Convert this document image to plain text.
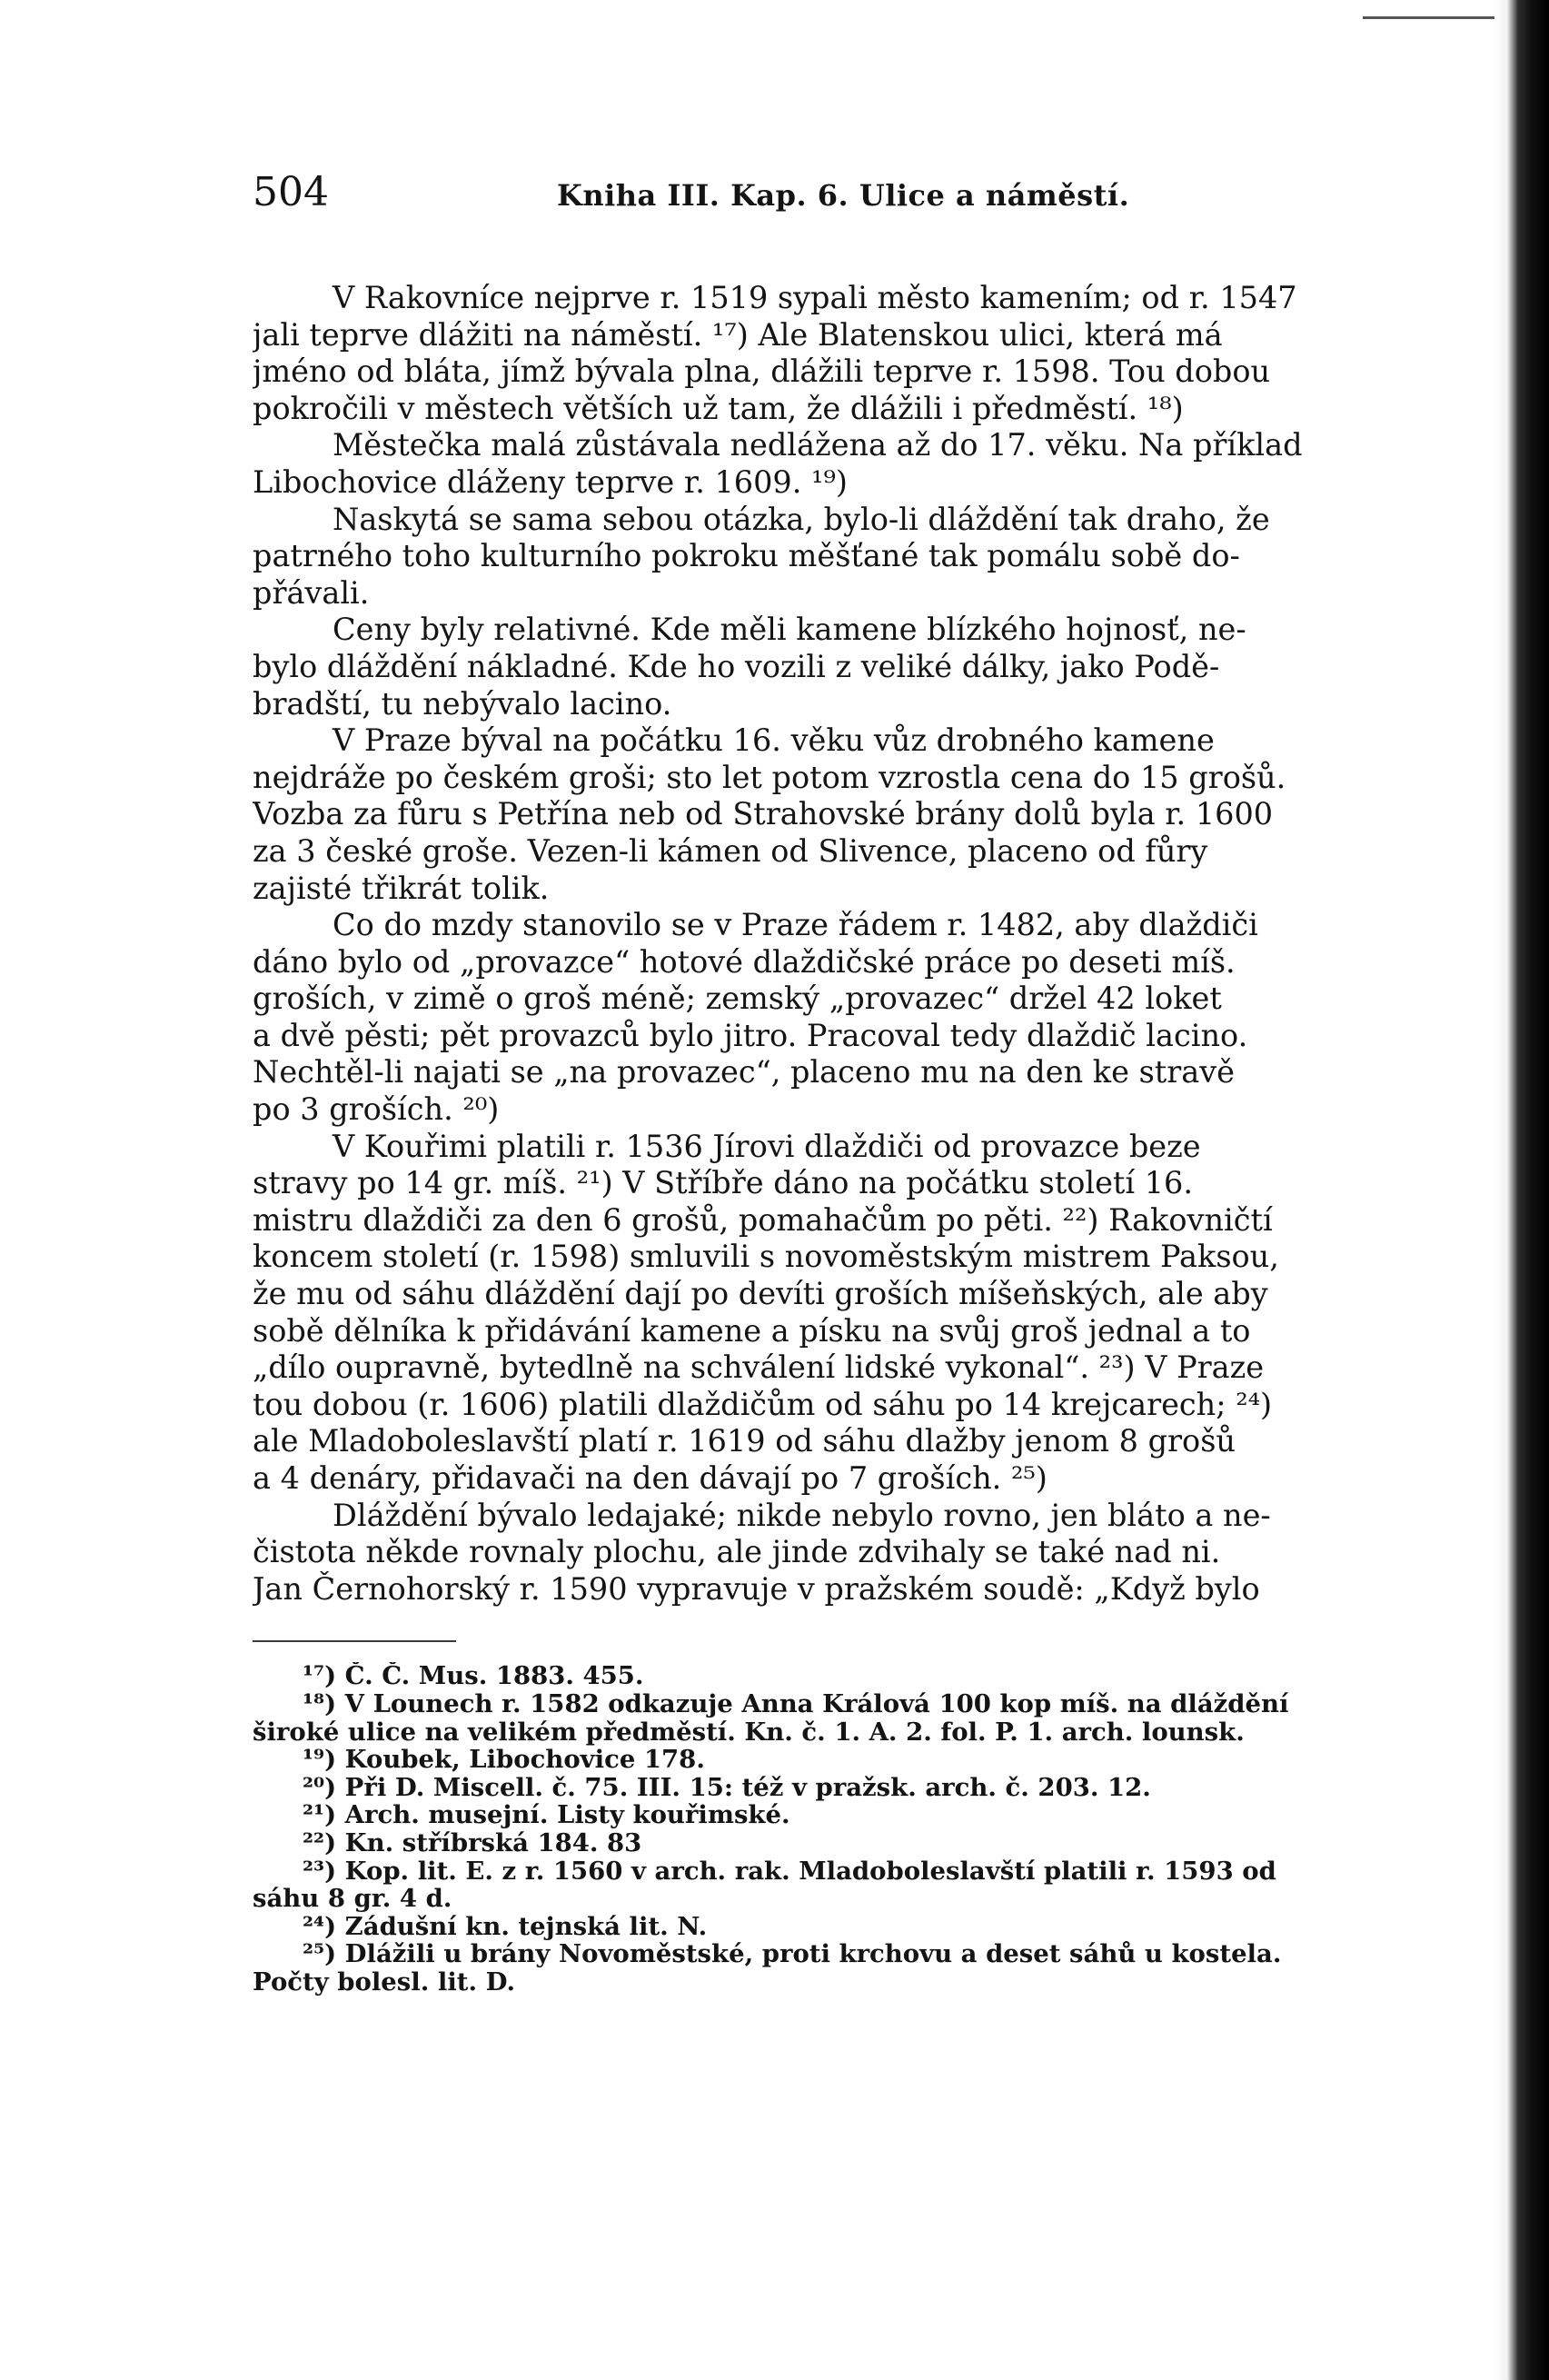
504	Kniha III. Kap. 6. Ulice a náměstí.
V Rakovníce nejprve r. 1519 sypali město kamením; od r. 1547
jali teprve dlážiti na náměstí. ¹⁷) Ale Blatenskou ulici, která má
jméno od bláta, jímž bývala plna, dlážili teprve r. 1598. Tou dobou
pokročili v městech větších už tam, že dlážili i předměstí. ¹⁸)
Městečka malá zůstávala nedlážena až do 17. věku. Na příklad
Libochovice dláženy teprve r. 1609. ¹⁹)
Naskytá se sama sebou otázka, bylo-li dláždění tak draho, že
patrného toho kulturního pokroku měšťané tak pomálu sobě do-
přávali.
Ceny byly relativné. Kde měli kamene blízkého hojnosť, ne-
bylo dláždění nákladné. Kde ho vozili z veliké dálky, jako Podě-
bradští, tu nebývalo lacino.
V Praze býval na počátku 16. věku vůz drobného kamene
nejdráže po českém groši; sto let potom vzrostla cena do 15 grošů.
Vozba za fůru s Petřína neb od Strahovské brány dolů byla r. 1600
za 3 české groše. Vezen-li kámen od Slivence, placeno od fůry
zajisté třikrát tolik.
Co do mzdy stanovilo se v Praze řádem r. 1482, aby dlaždiči
dáno bylo od „provazce“ hotové dlaždičské práce po deseti míš.
groších, v zimě o groš méně; zemský „provazec“ držel 42 loket
a dvě pěsti; pět provazců bylo jitro. Pracoval tedy dlaždič lacino.
Nechtěl-li najati se „na provazec“, placeno mu na den ke stravě
po 3 groších. ²⁰)
V Kouřimi platili r. 1536 Jírovi dlaždiči od provazce beze
stravy po 14 gr. míš. ²¹) V Stříbře dáno na počátku století 16.
mistru dlaždiči za den 6 grošů, pomahačům po pěti. ²²) Rakovničtí
koncem století (r. 1598) smluvili s novoměstským mistrem Paksou,
že mu od sáhu dláždění dají po devíti groších míšeňských, ale aby
sobě dělníka k přidávání kamene a písku na svůj groš jednal a to
„dílo oupravně, bytedlně na schválení lidské vykonal“. ²³) V Praze
tou dobou (r. 1606) platili dlaždičům od sáhu po 14 krejcarech; ²⁴)
ale Mladoboleslavští platí r. 1619 od sáhu dlažby jenom 8 grošů
a 4 denáry, přidavači na den dávají po 7 groších. ²⁵)
Dláždění bývalo ledajaké; nikde nebylo rovno, jen bláto a ne-
čistota někde rovnaly plochu, ale jinde zdvihaly se také nad ni.
Jan Černohorský r. 1590 vypravuje v pražském soudě: „Když bylo
¹⁷) Č. Č. Mus. 1883. 455.
¹⁸) V Lounech r. 1582 odkazuje Anna Králová 100 kop míš. na dláždění
široké ulice na velikém předměstí. Kn. č. 1. A. 2. fol. P. 1. arch. lounsk.
¹⁹) Koubek, Libochovice 178.
²⁰) Při D. Miscell. č. 75. III. 15: též v pražsk. arch. č. 203. 12.
²¹) Arch. musejní. Listy kouřimské.
²²) Kn. stříbrská 184. 83
²³) Kop. lit. E. z r. 1560 v arch. rak. Mladoboleslavští platili r. 1593 od
sáhu 8 gr. 4 d.
²⁴) Zádušní kn. tejnská lit. N.
²⁵) Dlážili u brány Novoměstské, proti krchovu a deset sáhů u kostela.
Počty bolesl. lit. D.
